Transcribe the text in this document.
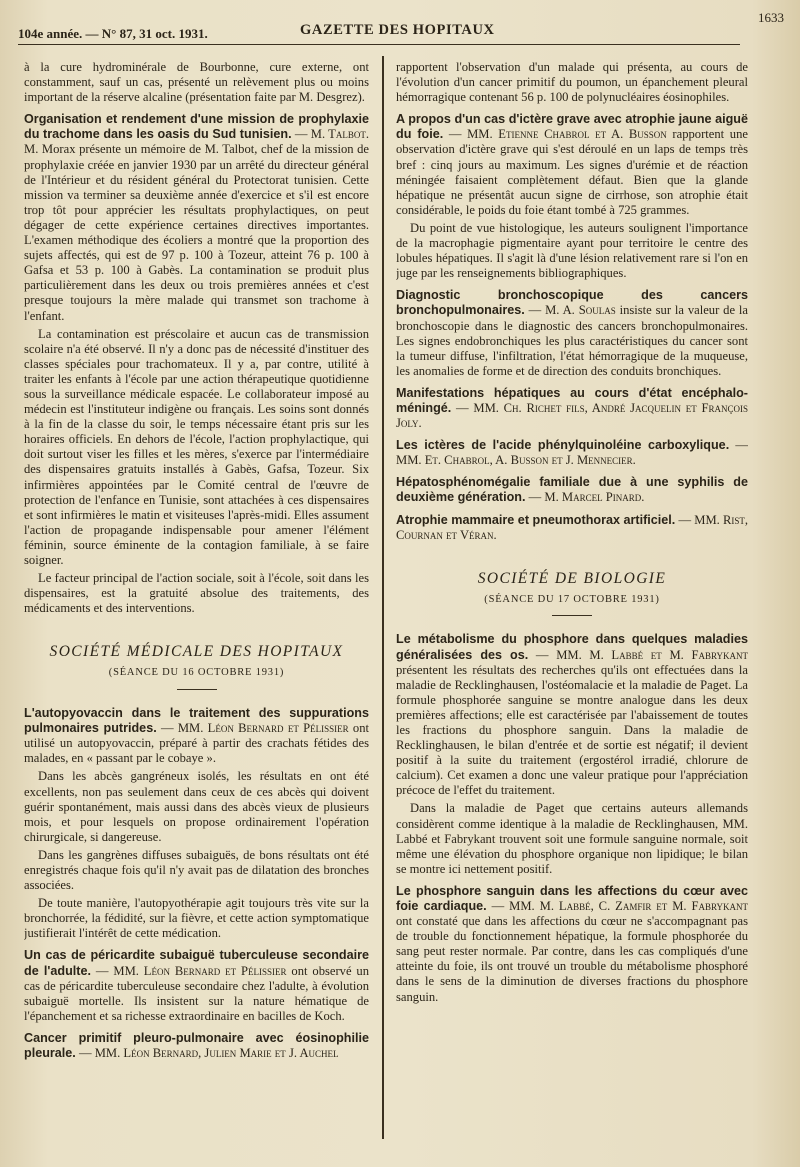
104e année. — N° 87, 31 oct. 1931.	GAZETTE DES HOPITAUX
1633

à la cure hydrominérale de Bourbonne, cure externe, ont constamment, sauf un cas, présenté un relèvement plus ou moins important de la réserve alcaline (présentation faite par M. Desgrez).

Organisation et rendement d'une mission de prophylaxie du trachome dans les oasis du Sud tunisien. — M. Talbot. M. Morax présente un mémoire de M. Talbot, chef de la mission de prophylaxie créée en janvier 1930 par un arrêté du directeur général de l'Intérieur et du résident général du Protectorat tunisien. Cette mission va terminer sa deuxième année d'exercice et s'il est encore trop tôt pour apprécier les résultats prophylactiques, on peut dégager de cette expérience certaines directives importantes. L'examen méthodique des écoliers a montré que la proportion des sujets affectés, qui est de 97 p. 100 à Tozeur, atteint 76 p. 100 à Gafsa et 53 p. 100 à Gabès. La contamination se produit plus particulièrement dans les deux ou trois premières années et c'est presque toujours la mère malade qui transmet son trachome à l'enfant.

La contamination est préscolaire et aucun cas de transmission scolaire n'a été observé. Il n'y a donc pas de nécessité d'instituer des classes spéciales pour trachomateux. Il y a, par contre, utilité à traiter les enfants à l'école par une action thérapeutique quotidienne sous la surveillance médicale espacée. Le collaborateur imposé au médecin est l'instituteur indigène ou français. Les soins sont donnés à la fin de la classe du soir, le temps nécessaire étant pris sur les horaires officiels. En dehors de l'école, l'action prophylactique, qui doit surtout viser les filles et les mères, s'exerce par l'intermédiaire des dispensaires gratuits installés à Gabès, Gafsa, Tozeur. Six infirmières appointées par le Comité central de l'œuvre de protection de l'enfance en Tunisie, sont attachées à ces dispensaires et sont infirmières le matin et visiteuses l'après-midi. Elles assument l'action de propagande indispensable pour amener l'élément féminin, source éminente de la contagion familiale, à se faire soigner.

Le facteur principal de l'action sociale, soit à l'école, soit dans les dispensaires, est la gratuité absolue des traitements, des médicaments et des interventions.

SOCIÉTÉ MÉDICALE DES HOPITAUX
(SÉANCE DU 16 OCTOBRE 1931)

L'autopyovaccin dans le traitement des suppurations pulmonaires putrides. — MM. Léon Bernard et Pélissier ont utilisé un autopyovaccin, préparé à partir des crachats fétides des malades, en « passant par le cobaye ».

Dans les abcès gangréneux isolés, les résultats en ont été excellents, non pas seulement dans ceux de ces abcès qui doivent guérir spontanément, mais aussi dans des abcès vieux de plusieurs mois, et pour lesquels on propose ordinairement l'opération chirurgicale, si dangereuse.

Dans les gangrènes diffuses subaiguës, de bons résultats ont été enregistrés chaque fois qu'il n'y avait pas de dilatation des bronches associées.

De toute manière, l'autopyothérapie agit toujours très vite sur la bronchorrée, la fédidité, sur la fièvre, et cette action symptomatique justifierait l'intérêt de cette médication.

Un cas de péricardite subaiguë tuberculeuse secondaire de l'adulte. — MM. Léon Bernard et Pélissier ont observé un cas de péricardite tuberculeuse secondaire chez l'adulte, à évolution subaiguë mortelle. Ils insistent sur la nature hématique de l'épanchement et sa richesse extraordinaire en bacilles de Koch.

Cancer primitif pleuro-pulmonaire avec éosinophilie pleurale. — MM. Léon Bernard, Julien Marie et J. Auchel

rapportent l'observation d'un malade qui présenta, au cours de l'évolution d'un cancer primitif du poumon, un épanchement pleural hémorragique contenant 56 p. 100 de polynucléaires éosinophiles.

A propos d'un cas d'ictère grave avec atrophie jaune aiguë du foie. — MM. Etienne Chabrol et A. Busson rapportent une observation d'ictère grave qui s'est déroulé en un laps de temps très bref : cinq jours au maximum. Les signes d'urémie et de réaction méningée faisaient complètement défaut. Bien que la glande hépatique ne présentât aucun signe de cirrhose, son atrophie était considérable, le poids du foie étant tombé à 725 grammes.

Du point de vue histologique, les auteurs soulignent l'importance de la macrophagie pigmentaire ayant pour territoire le centre des lobules hépatiques. Il s'agit là d'une lésion relativement rare si l'on en juge par les renseignements bibliographiques.

Diagnostic bronchoscopique des cancers bronchopulmonaires. — M. A. Soulas insiste sur la valeur de la bronchoscopie dans le diagnostic des cancers bronchopulmonaires. Les signes endobronchiques les plus caractéristiques du cancer sont la tumeur diffuse, l'infiltration, l'état hémorragique de la muqueuse, les anomalies de forme et de direction des conduits bronchiques.

Manifestations hépatiques au cours d'état encéphalo-méningé. — MM. Ch. Richet fils, André Jacquelin et François Joly.

Les ictères de l'acide phénylquinoléine carboxylique. — MM. Et. Chabrol, A. Busson et J. Mennecier.

Hépatosphénomégalie familiale due à une syphilis de deuxième génération. — M. Marcel Pinard.

Atrophie mammaire et pneumothorax artificiel. — MM. Rist, Cournan et Véran.

SOCIÉTÉ DE BIOLOGIE
(SÉANCE DU 17 OCTOBRE 1931)

Le métabolisme du phosphore dans quelques maladies généralisées des os. — MM. M. Labbé et M. Fabrykant présentent les résultats des recherches qu'ils ont effectuées dans la maladie de Recklinghausen, l'ostéomalacie et la maladie de Paget. La formule phosphorée sanguine se montre analogue dans les deux premières affections; elle est caractérisée par l'abaissement de toutes les fractions du phosphore sanguin. Dans la maladie de Recklinghausen, le bilan d'entrée et de sortie est négatif; il devient positif à la suite du traitement (ergostérol irradié, chlorure de calcium). Cet examen a donc une valeur pratique pour l'appréciation précoce de l'effet du traitement.

Dans la maladie de Paget que certains auteurs allemands considèrent comme identique à la maladie de Recklinghausen, MM. Labbé et Fabrykant trouvent soit une formule sanguine normale, soit même une élévation du phosphore organique non lipidique; le bilan se montre ici nettement positif.

Le phosphore sanguin dans les affections du cœur avec foie cardiaque. — MM. M. Labbé, C. Zamfir et M. Fabrykant ont constaté que dans les affections du cœur ne s'accompagnant pas de trouble du fonctionnement hépatique, la formule phosphorée du sang peut rester normale. Par contre, dans les cas compliqués d'une atteinte du foie, ils ont trouvé un trouble du métabolisme phosphoré dans le sens de la diminution de diverses fractions du phosphore sanguin.
